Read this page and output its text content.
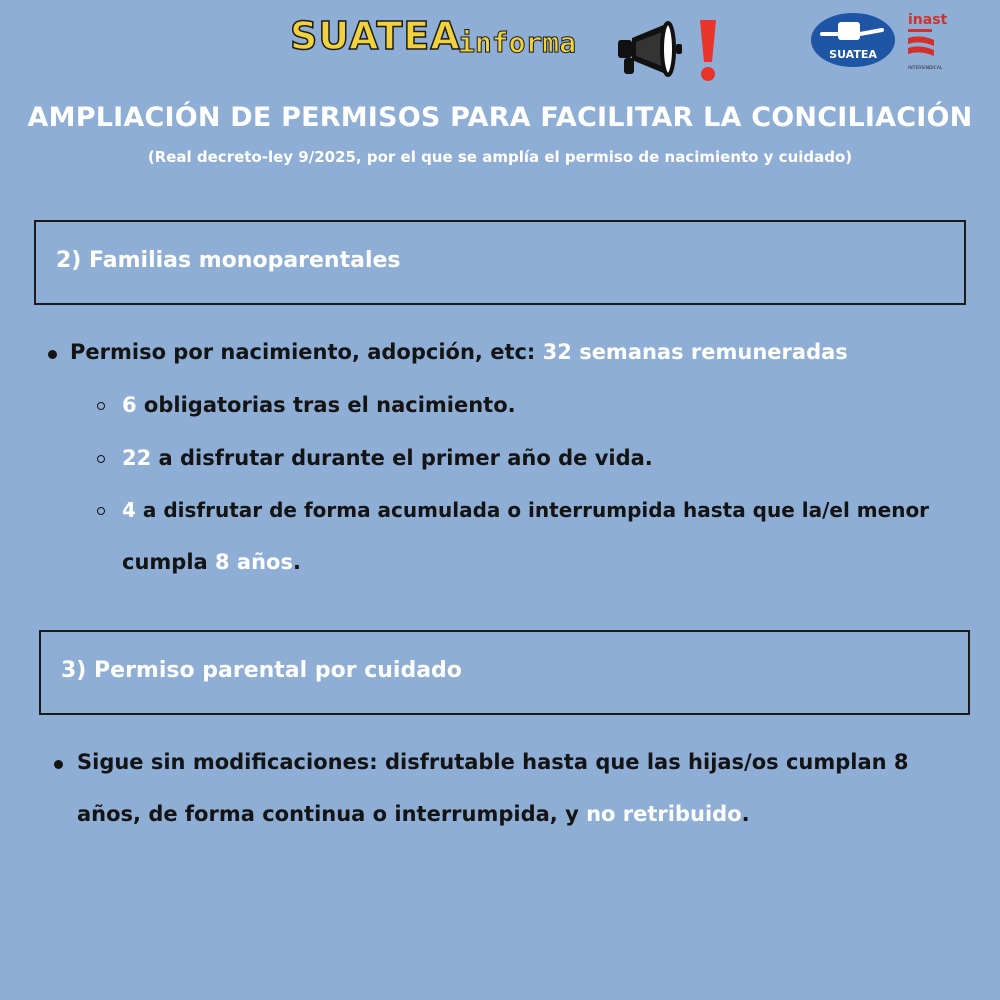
SUATEA
informa	SUATEA
inast
INTERSINDICAL
AMPLIACIÓN DE PERMISOS PARA FACILITAR LA CONCILIACIÓN
(Real decreto-ley 9/2025, por el que se amplía el permiso de nacimiento y cuidado)
2) Familias monoparentales
Permiso por nacimiento, adopción, etc: 32 semanas remuneradas
6 obligatorias tras el nacimiento.
22 a disfrutar durante el primer año de vida.
4 a disfrutar de forma acumulada o interrumpida hasta que la/el menor
cumpla 8 años.
3) Permiso parental por cuidado
Sigue sin modificaciones: disfrutable hasta que las hijas/os cumplan 8
años, de forma continua o interrumpida, y no retribuido.
